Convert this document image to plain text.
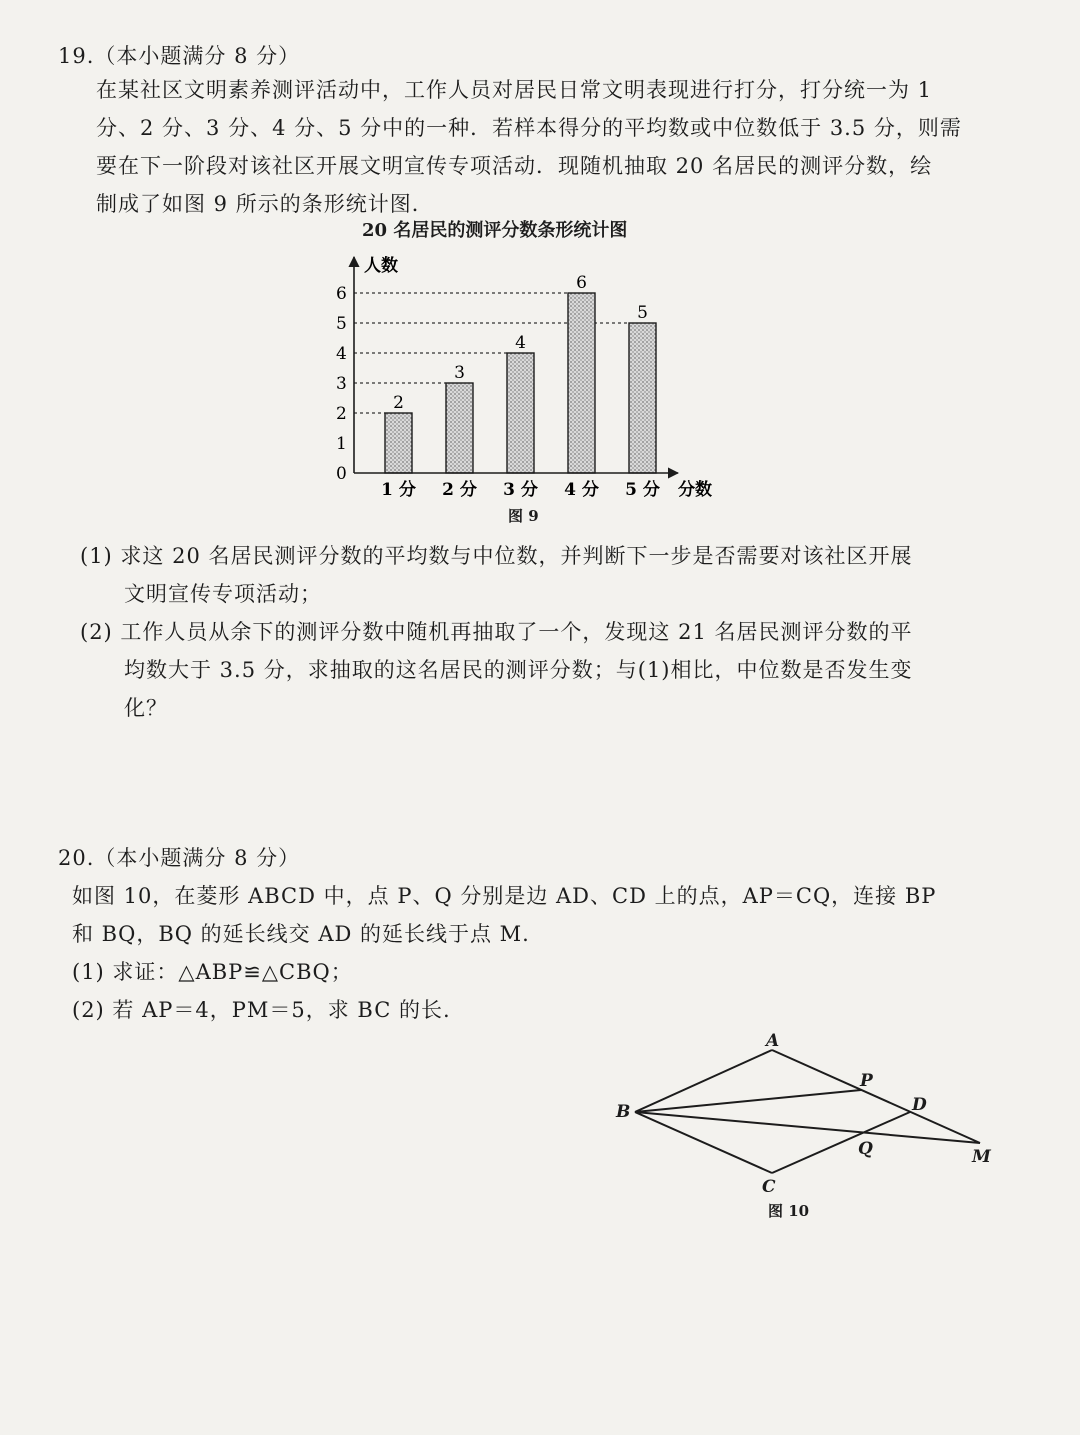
19.（本小题满分 8 分）
在某社区文明素养测评活动中，工作人员对居民日常文明表现进行打分，打分统一为 1
分、2 分、3 分、4 分、5 分中的一种．若样本得分的平均数或中位数低于 3.5 分，则需
要在下一阶段对该社区开展文明宣传专项活动．现随机抽取 20 名居民的测评分数，绘
制成了如图 9 所示的条形统计图．
20 名居民的测评分数条形统计图
人数
分数
0
1
2
3
4
5
6
2
1 分
3
2 分
4
3 分
6
4 分
5
5 分
图 9
(1) 求这 20 名居民测评分数的平均数与中位数，并判断下一步是否需要对该社区开展
文明宣传专项活动；
(2) 工作人员从余下的测评分数中随机再抽取了一个，发现这 21 名居民测评分数的平
均数大于 3.5 分，求抽取的这名居民的测评分数；与(1)相比，中位数是否发生变
化？
20.（本小题满分 8 分）
如图 10，在菱形 ABCD 中，点 P、Q 分别是边 AD、CD 上的点，AP＝CQ，连接 BP
和 BQ，BQ 的延长线交 AD 的延长线于点 M.
(1) 求证：△ABP≌△CBQ；
(2) 若 AP＝4，PM＝5，求 BC 的长.
A
B
C
D
P
Q	M
图 10
